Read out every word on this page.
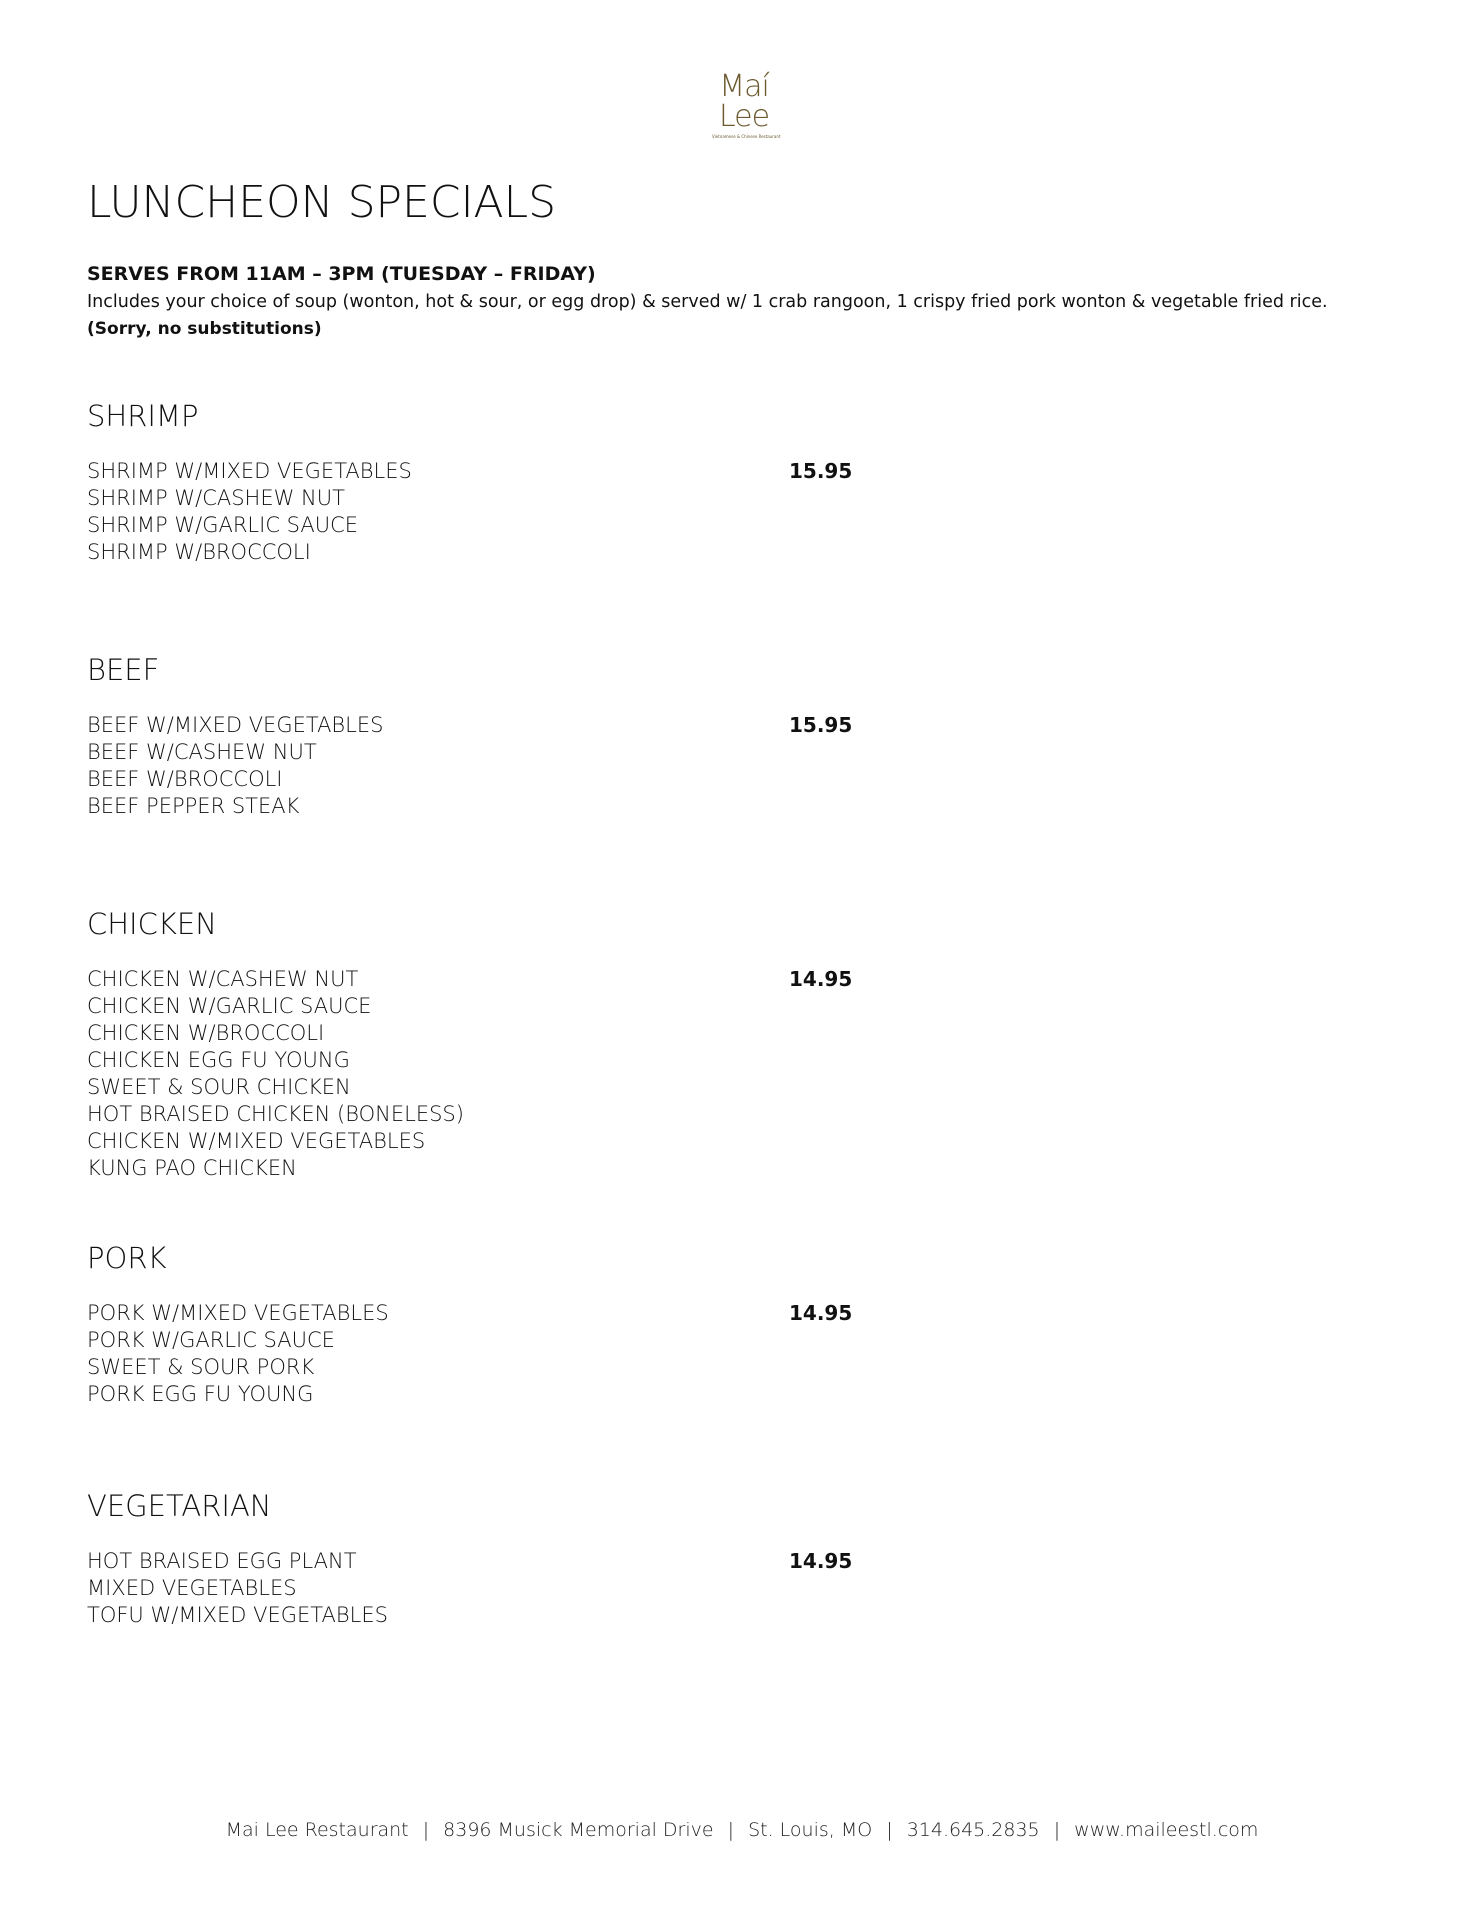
Maí
Lee
Vietnamese & Chinese Restaurant
LUNCHEON SPECIALS
SERVES FROM 11AM – 3PM (TUESDAY – FRIDAY)
Includes your choice of soup (wonton, hot & sour, or egg drop) & served w/ 1 crab rangoon, 1 crispy fried pork wonton & vegetable fried rice.
(Sorry, no substitutions)
SHRIMP
SHRIMP W/MIXED VEGETABLES
SHRIMP W/CASHEW NUT
SHRIMP W/GARLIC SAUCE
SHRIMP W/BROCCOLI
15.95
BEEF
BEEF W/MIXED VEGETABLES
BEEF W/CASHEW NUT
BEEF W/BROCCOLI
BEEF PEPPER STEAK
15.95
CHICKEN
CHICKEN W/CASHEW NUT
CHICKEN W/GARLIC SAUCE
CHICKEN W/BROCCOLI
CHICKEN EGG FU YOUNG
SWEET & SOUR CHICKEN
HOT BRAISED CHICKEN (BONELESS)
CHICKEN W/MIXED VEGETABLES
KUNG PAO CHICKEN
14.95
PORK
PORK W/MIXED VEGETABLES
PORK W/GARLIC SAUCE
SWEET & SOUR PORK
PORK EGG FU YOUNG
14.95
VEGETARIAN
HOT BRAISED EGG PLANT
MIXED VEGETABLES
TOFU W/MIXED VEGETABLES
14.95
Mai Lee Restaurant | 8396 Musick Memorial Drive | St. Louis, MO | 314.645.2835 | www.maileestl.com
